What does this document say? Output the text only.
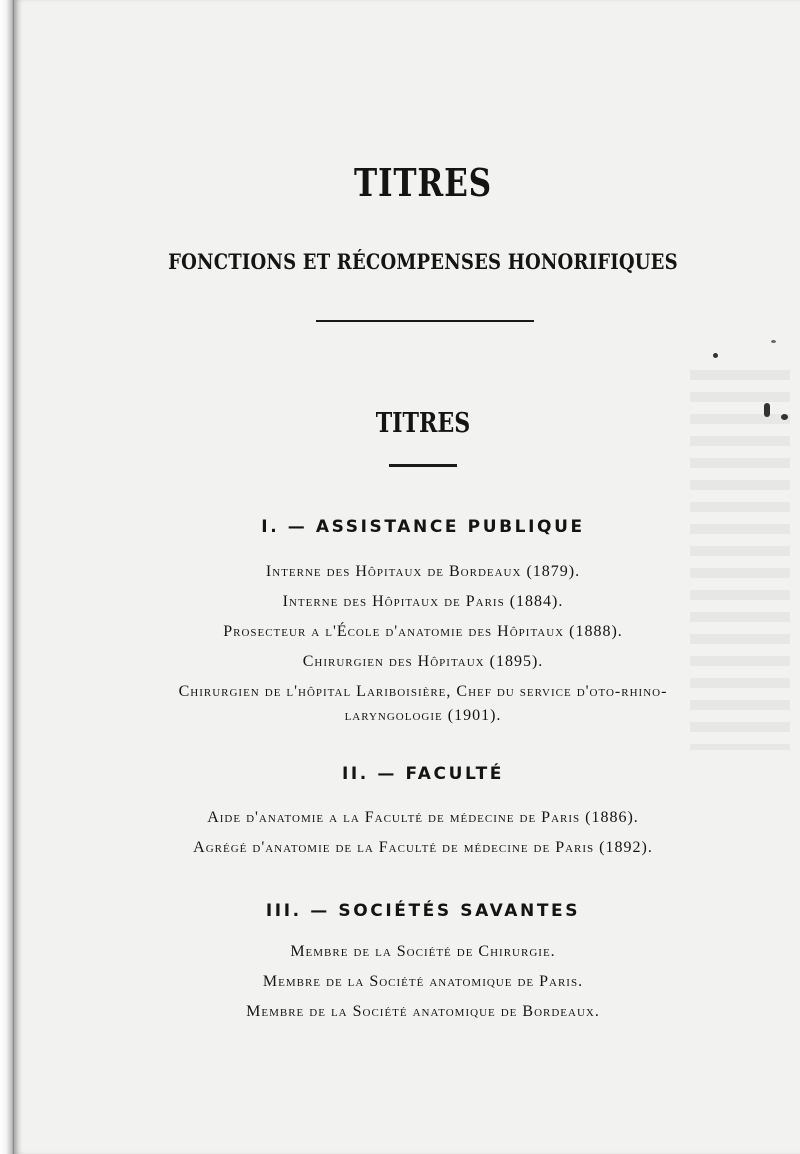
TITRES
FONCTIONS ET RÉCOMPENSES HONORIFIQUES
TITRES
I. — ASSISTANCE PUBLIQUE
Interne des Hôpitaux de Bordeaux (1879).
Interne des Hôpitaux de Paris (1884).
Prosecteur a l'École d'anatomie des Hôpitaux (1888).
Chirurgien des Hôpitaux (1895).
Chirurgien de l'hôpital Lariboisière, Chef du service d'oto-rhino-
laryngologie (1901).
II. — FACULTÉ
Aide d'anatomie a la Faculté de médecine de Paris (1886).
Agrégé d'anatomie de la Faculté de médecine de Paris (1892).
III. — SOCIÉTÉS SAVANTES
Membre de la Société de Chirurgie.
Membre de la Société anatomique de Paris.
Membre de la Société anatomique de Bordeaux.
